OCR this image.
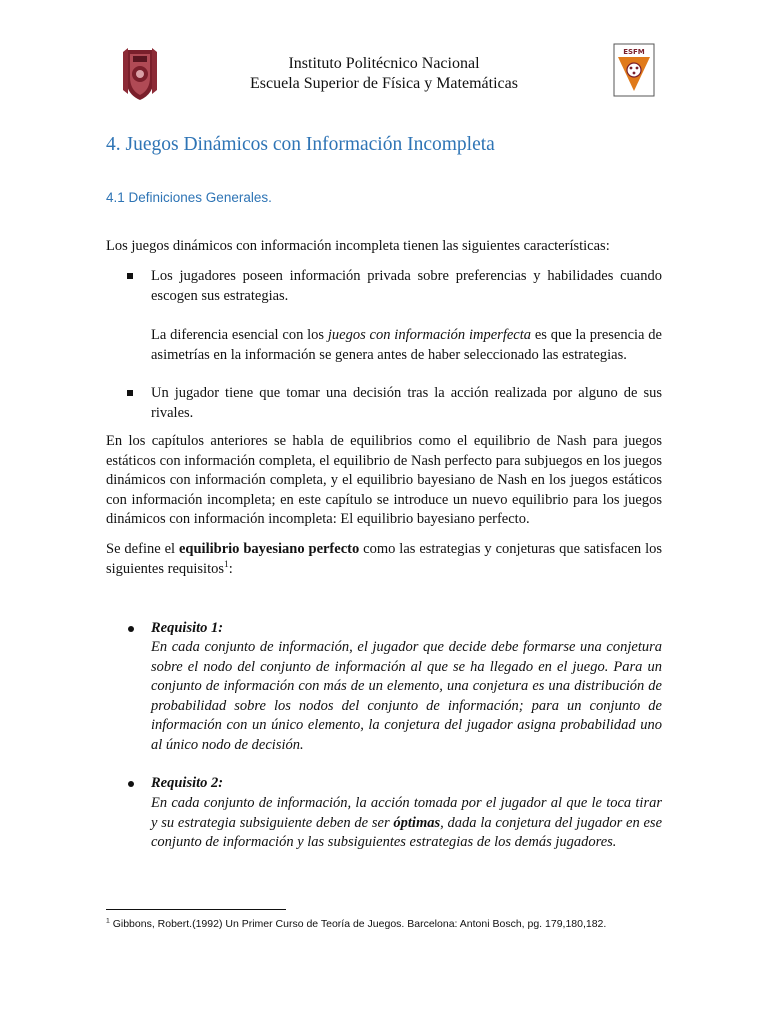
ESFM
Instituto Politécnico Nacional
Escuela Superior de Física y Matemáticas
4. Juegos Dinámicos con Información Incompleta
4.1 Definiciones Generales.
Los juegos dinámicos con información incompleta tienen las siguientes características:
Los jugadores poseen información privada sobre preferencias y habilidades cuando escogen sus estrategias.
La diferencia esencial con los juegos con información imperfecta es que la presencia de asimetrías en la información se genera antes de haber seleccionado las estrategias.
Un jugador tiene que tomar una decisión tras la acción realizada por alguno de sus rivales.
En los capítulos anteriores se habla de equilibrios como el equilibrio de Nash para juegos estáticos con información completa, el equilibrio de Nash perfecto para subjuegos en los juegos dinámicos con información completa, y el equilibrio bayesiano de Nash en los juegos estáticos con información incompleta; en este capítulo se introduce un nuevo equilibrio para los juegos dinámicos con información incompleta: El equilibrio bayesiano perfecto.
Se define el equilibrio bayesiano perfecto como las estrategias y conjeturas que satisfacen los siguientes requisitos$^1$:
Requisito 1:
En cada conjunto de información, el jugador que decide debe formarse una conjetura sobre el nodo del conjunto de información al que se ha llegado en el juego. Para un conjunto de información con más de un elemento, una conjetura es una distribución de probabilidad sobre los nodos del conjunto de información; para un conjunto de información con un único elemento, la conjetura del jugador asigna probabilidad uno al único nodo de decisión.
Requisito 2:
En cada conjunto de información, la acción tomada por el jugador al que le toca tirar y su estrategia subsiguiente deben de ser óptimas, dada la conjetura del jugador en ese conjunto de información y las subsiguientes estrategias de los demás jugadores.
$^1$ Gibbons, Robert.(1992) Un Primer Curso de Teoría de Juegos. Barcelona: Antoni Bosch, pg. 179,180,182.
